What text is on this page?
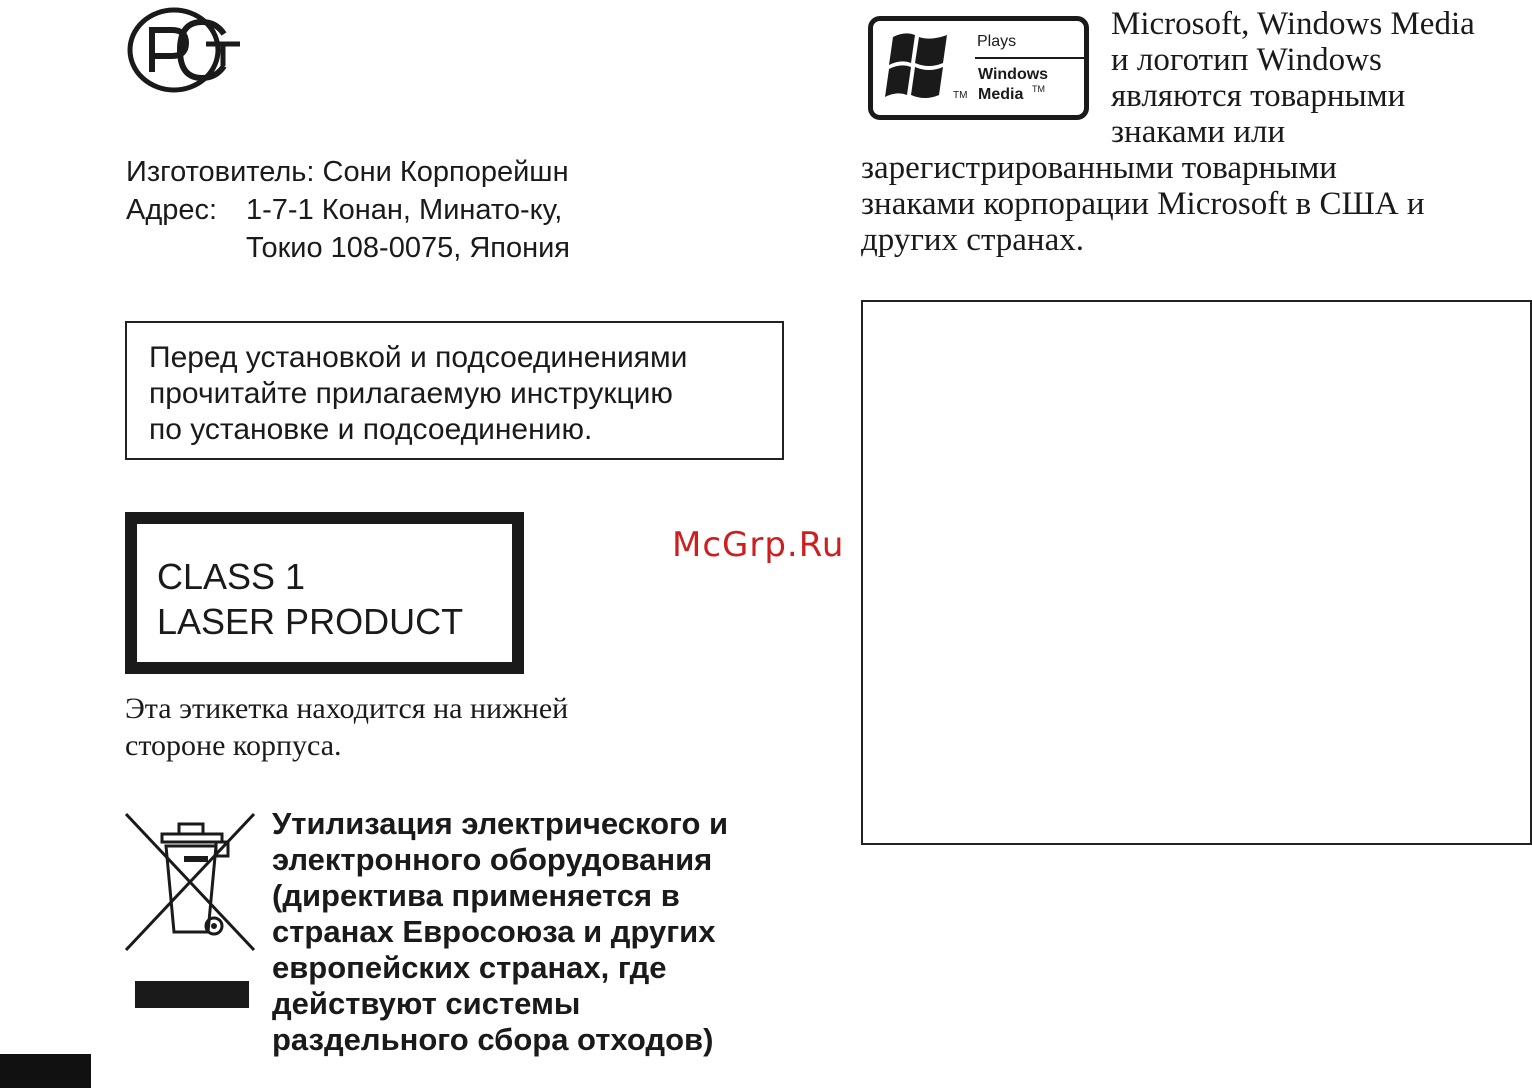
Изготовитель: Сони Корпорейшн
Адрес: 1-7-1 Конан, Минато-ку,
Токио 108-0075, Япония
Перед установкой и подсоединениями
прочитайте прилагаемую инструкцию
по установке и подсоединению.
CLASS 1
LASER PRODUCT
Эта этикетка находится на нижней
стороне корпуса.
Утилизация электрического и
электронного оборудования
(директива применяется в
странах Евросоюза и других
европейских странах, где
действуют системы
раздельного сбора отходов)
McGrp.Ru
TM
Plays
Windows
Media TM
Microsoft, Windows Media
и логотип Windows
являются товарными
знаками или
зарегистрированными товарными
знаками корпорации Microsoft в США и
других странах.
